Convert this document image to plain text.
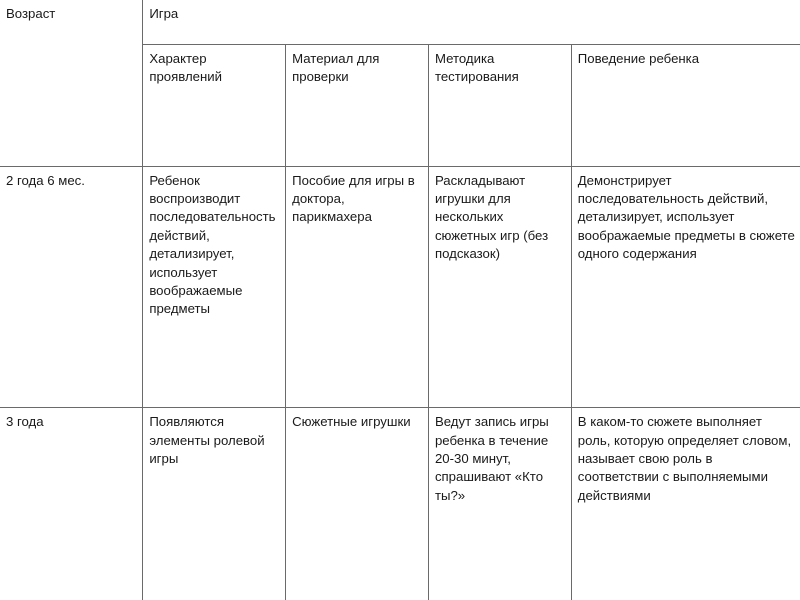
Возраст	Игра			
	Характер проявлений	Материал для проверки	Методика тестирования	Поведение ребенка
2 года 6 мес.	Ребенок воспроизводит последовательность действий, детализирует, использует воображаемые предметы	Пособие для игры в доктора, парикмахера	Раскладывают игрушки для нескольких сюжетных игр (без подсказок)	Демонстрирует последовательность действий, детализирует, использует воображаемые предметы в сюжете одного содержания
3 года	Появляются элементы ролевой игры	Сюжетные игрушки	Ведут запись игры ребенка в течение 20-30 минут, спрашивают «Кто ты?»	В каком-то сюжете выполняет роль, которую определяет словом, называет свою роль в соответствии с выполняемыми действиями
